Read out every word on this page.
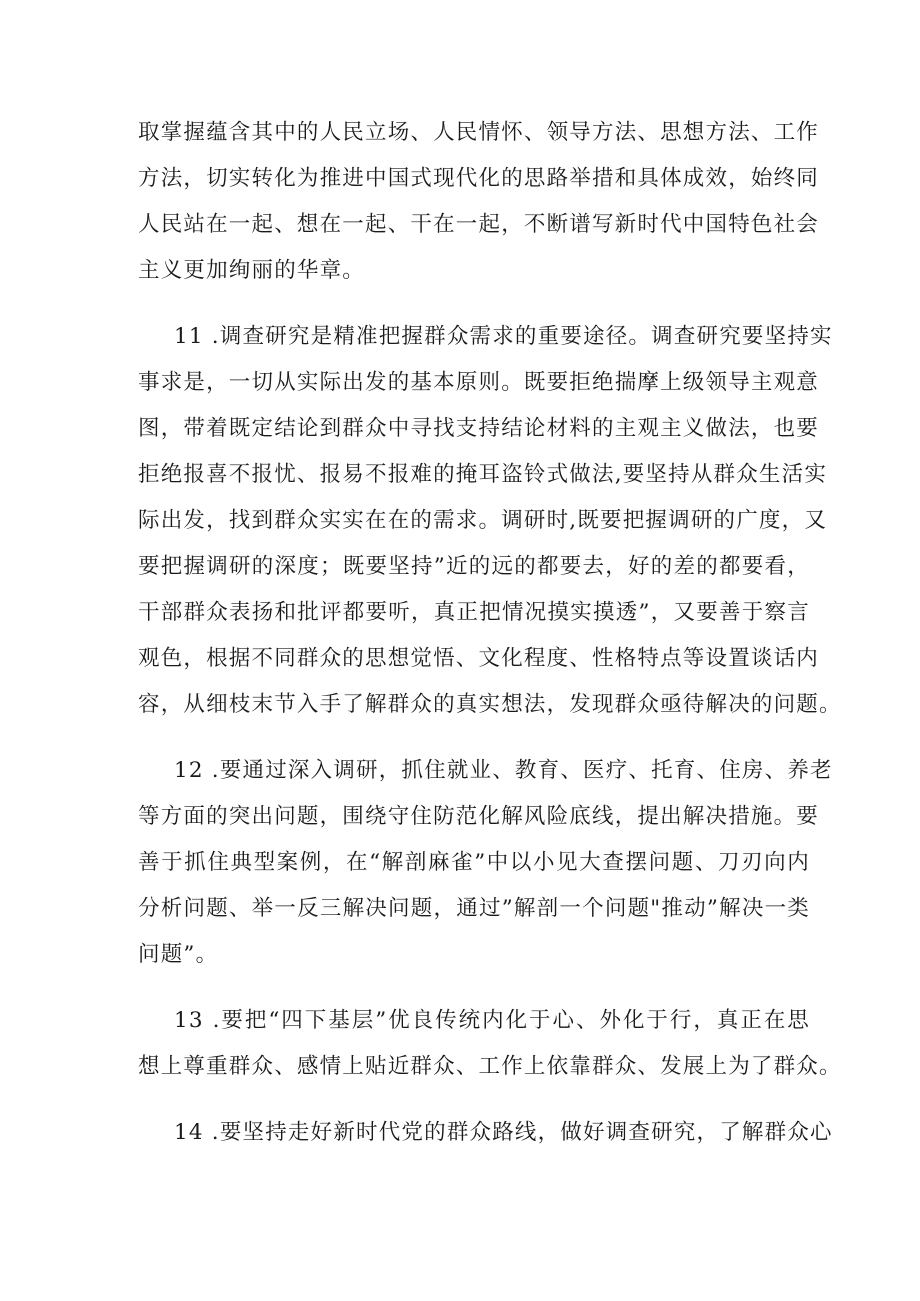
取掌握蕴含其中的人民立场、人民情怀、领导方法、思想方法、工作
方法，切实转化为推进中国式现代化的思路举措和具体成效，始终同
人民站在一起、想在一起、干在一起，不断谱写新时代中国特色社会
主义更加绚丽的华章。
11 .调查研究是精准把握群众需求的重要途径。调查研究要坚持实
事求是，一切从实际出发的基本原则。既要拒绝揣摩上级领导主观意
图，带着既定结论到群众中寻找支持结论材料的主观主义做法，也要
拒绝报喜不报忧、报易不报难的掩耳盗铃式做法,要坚持从群众生活实
际出发，找到群众实实在在的需求。调研时,既要把握调研的广度，又
要把握调研的深度；既要坚持”近的远的都要去，好的差的都要看，
干部群众表扬和批评都要听，真正把情况摸实摸透”，又要善于察言
观色，根据不同群众的思想觉悟、文化程度、性格特点等设置谈话内
容，从细枝末节入手了解群众的真实想法，发现群众亟待解决的问题。
12 .要通过深入调研，抓住就业、教育、医疗、托育、住房、养老
等方面的突出问题，围绕守住防范化解风险底线，提出解决措施。要
善于抓住典型案例，在“解剖麻雀”中以小见大查摆问题、刀刃向内
分析问题、举一反三解决问题，通过”解剖一个问题"推动”解决一类
问题”。
13 .要把“四下基层”优良传统内化于心、外化于行，真正在思
想上尊重群众、感情上贴近群众、工作上依靠群众、发展上为了群众。
14 .要坚持走好新时代党的群众路线，做好调查研究，了解群众心
